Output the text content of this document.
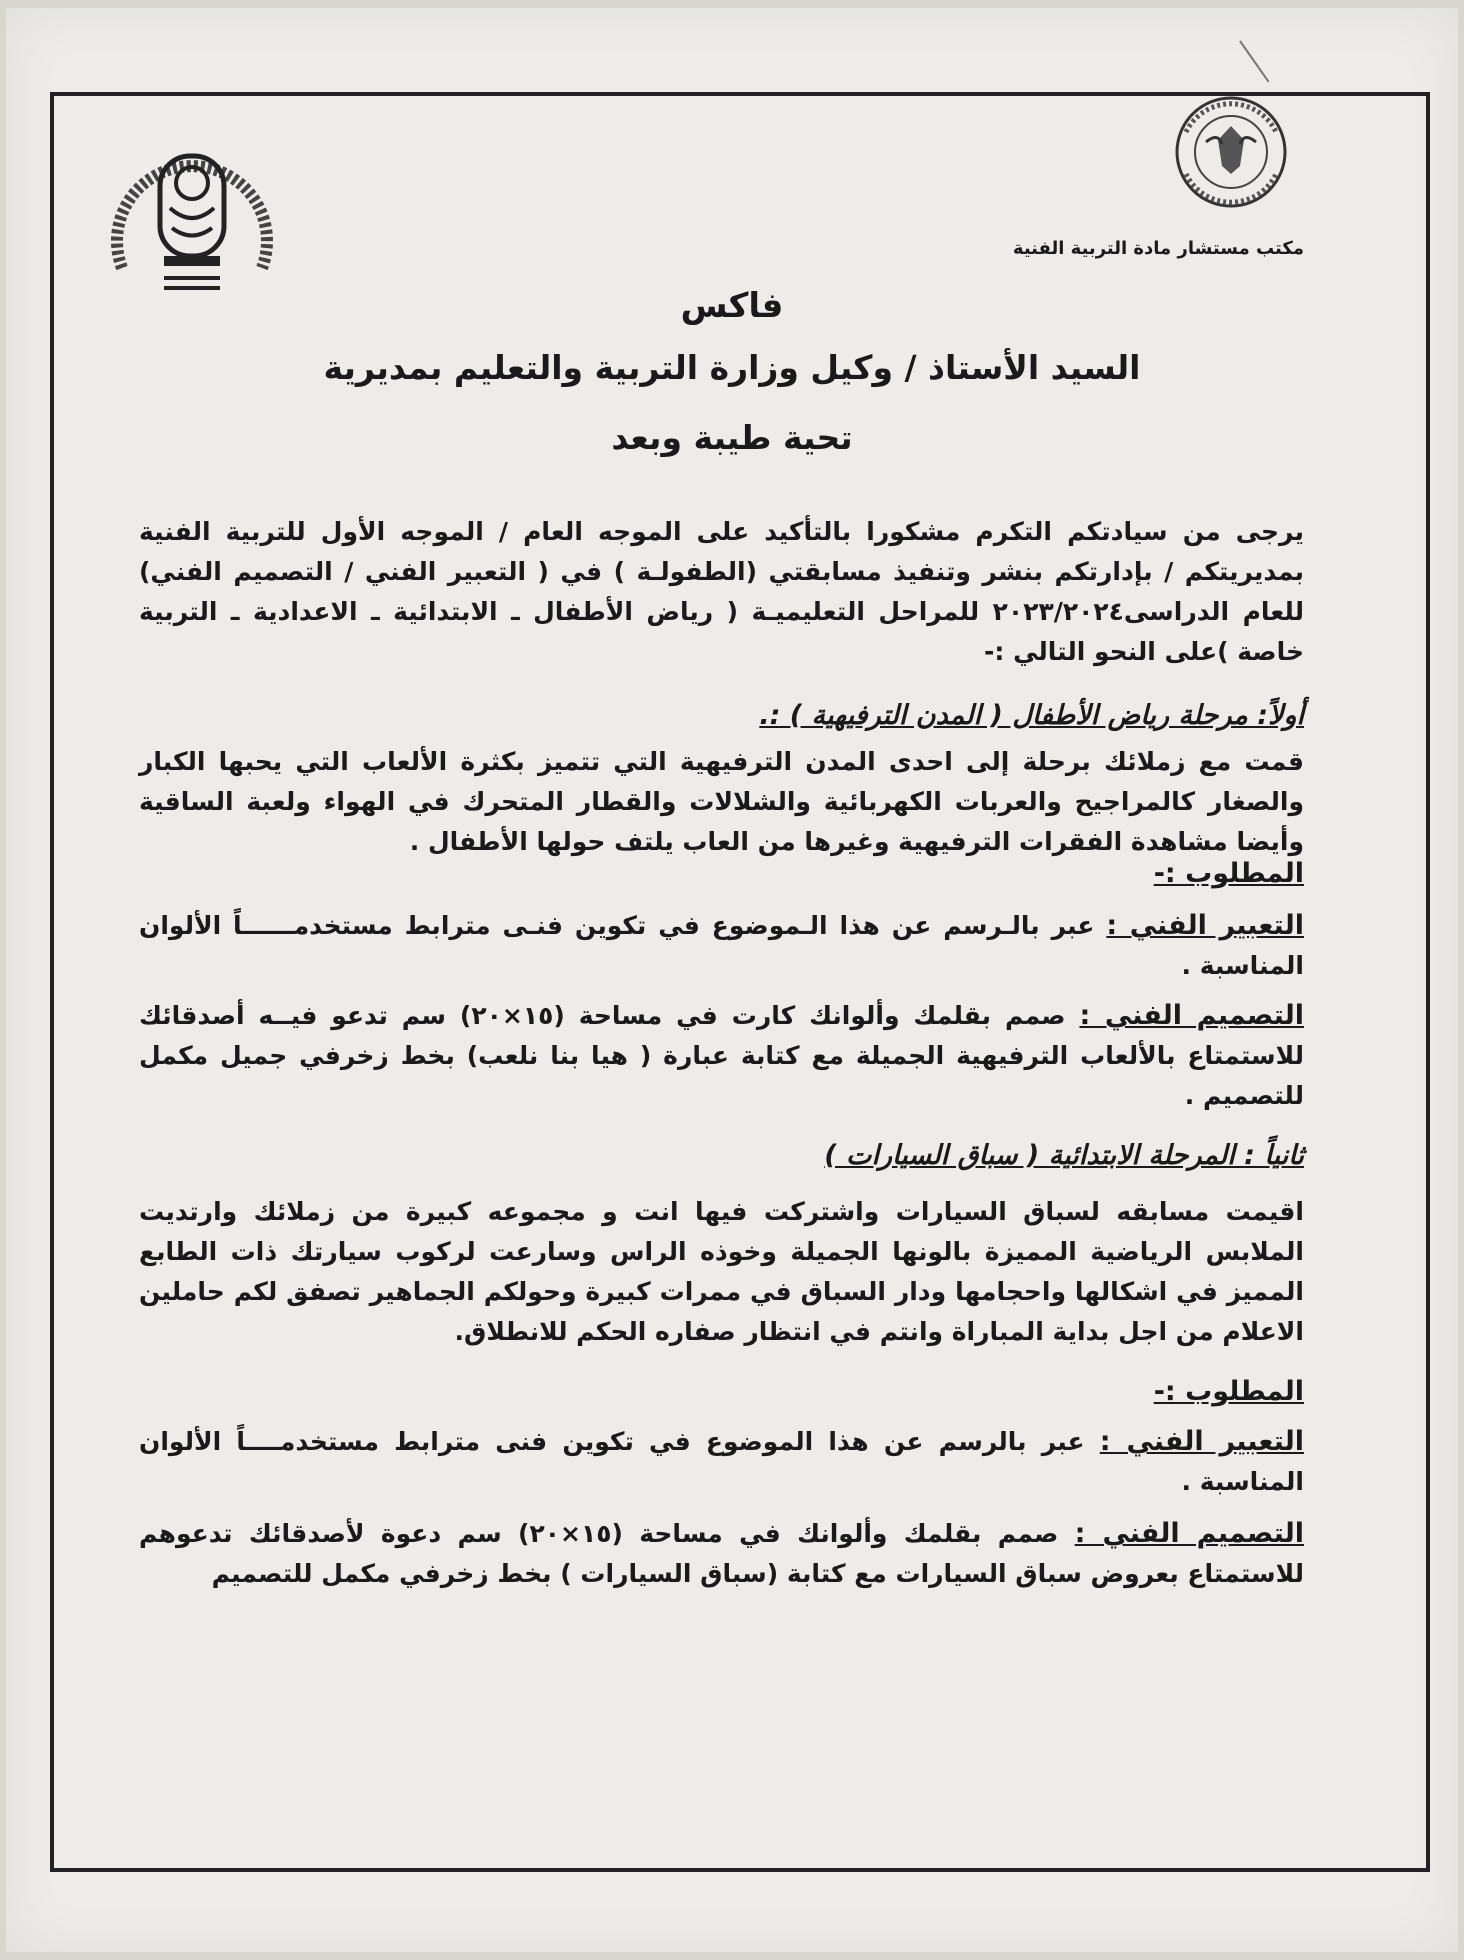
مكتب مستشار مادة التربية الفنية
فاكس
السيد الأستاذ / وكيل وزارة التربية والتعليم بمديرية
تحية طيبة وبعد
يرجى من سيادتكم التكرم مشكورا بالتأكيد على الموجه العام / الموجه الأول للتربية الفنية بمديريتكم / بإدارتكم بنشر وتنفيذ مسابقتي (الطفولـة ) في ( التعبير الفني / التصميم الفني) للعام الدراسى٢٠٢٣/٢٠٢٤ للمراحل التعليميـة ( رياض الأطفال ـ الابتدائية ـ الاعدادية ـ التربية خاصة )على النحو التالي :-
أولاً: مرحلة رياض الأطفال ( المدن الترفيهية ) :.
قمت مع زملائك برحلة إلى احدى المدن الترفيهية التي تتميز بكثرة الألعاب التي يحبها الكبار والصغار كالمراجيح والعربات الكهربائية والشلالات والقطار المتحرك في الهواء ولعبة الساقية وأيضا مشاهدة الفقرات الترفيهية وغيرها من العاب يلتف حولها الأطفال .
المطلوب :-
التعبير الفني : عبر بالـرسم عن هذا الـموضوع في تكوين فنـى مترابط مستخدمــــــاً الألوان المناسبة .
التصميم الفني : صمم بقلمك وألوانك كارت في مساحة (١٥×٢٠) سم تدعو فيــه أصدقائك للاستمتاع بالألعاب الترفيهية الجميلة مع كتابة عبارة ( هيا بنا نلعب) بخط زخرفي جميل مكمل للتصميم .
ثانياً : المرحلة الابتدائية ( سباق السيارات )
اقيمت مسابقه لسباق السيارات واشتركت فيها انت و مجموعه كبيرة من زملائك وارتديت الملابس الرياضية المميزة بالونها الجميلة وخوذه الراس وسارعت لركوب سيارتك ذات الطابع المميز في اشكالها واحجامها ودار السباق في ممرات كبيرة وحولكم الجماهير تصفق لكم حاملين الاعلام من اجل بداية المباراة وانتم في انتظار صفاره الحكم للانطلاق.
المطلوب :-
التعبير الفني : عبر بالرسم عن هذا الموضوع في تكوين فنى مترابط مستخدمــــاً الألوان المناسبة .
التصميم الفني : صمم بقلمك وألوانك في مساحة (١٥×٢٠) سم دعوة لأصدقائك تدعوهم للاستمتاع بعروض سباق السيارات مع كتابة (سباق السيارات ) بخط زخرفي مكمل للتصميم
